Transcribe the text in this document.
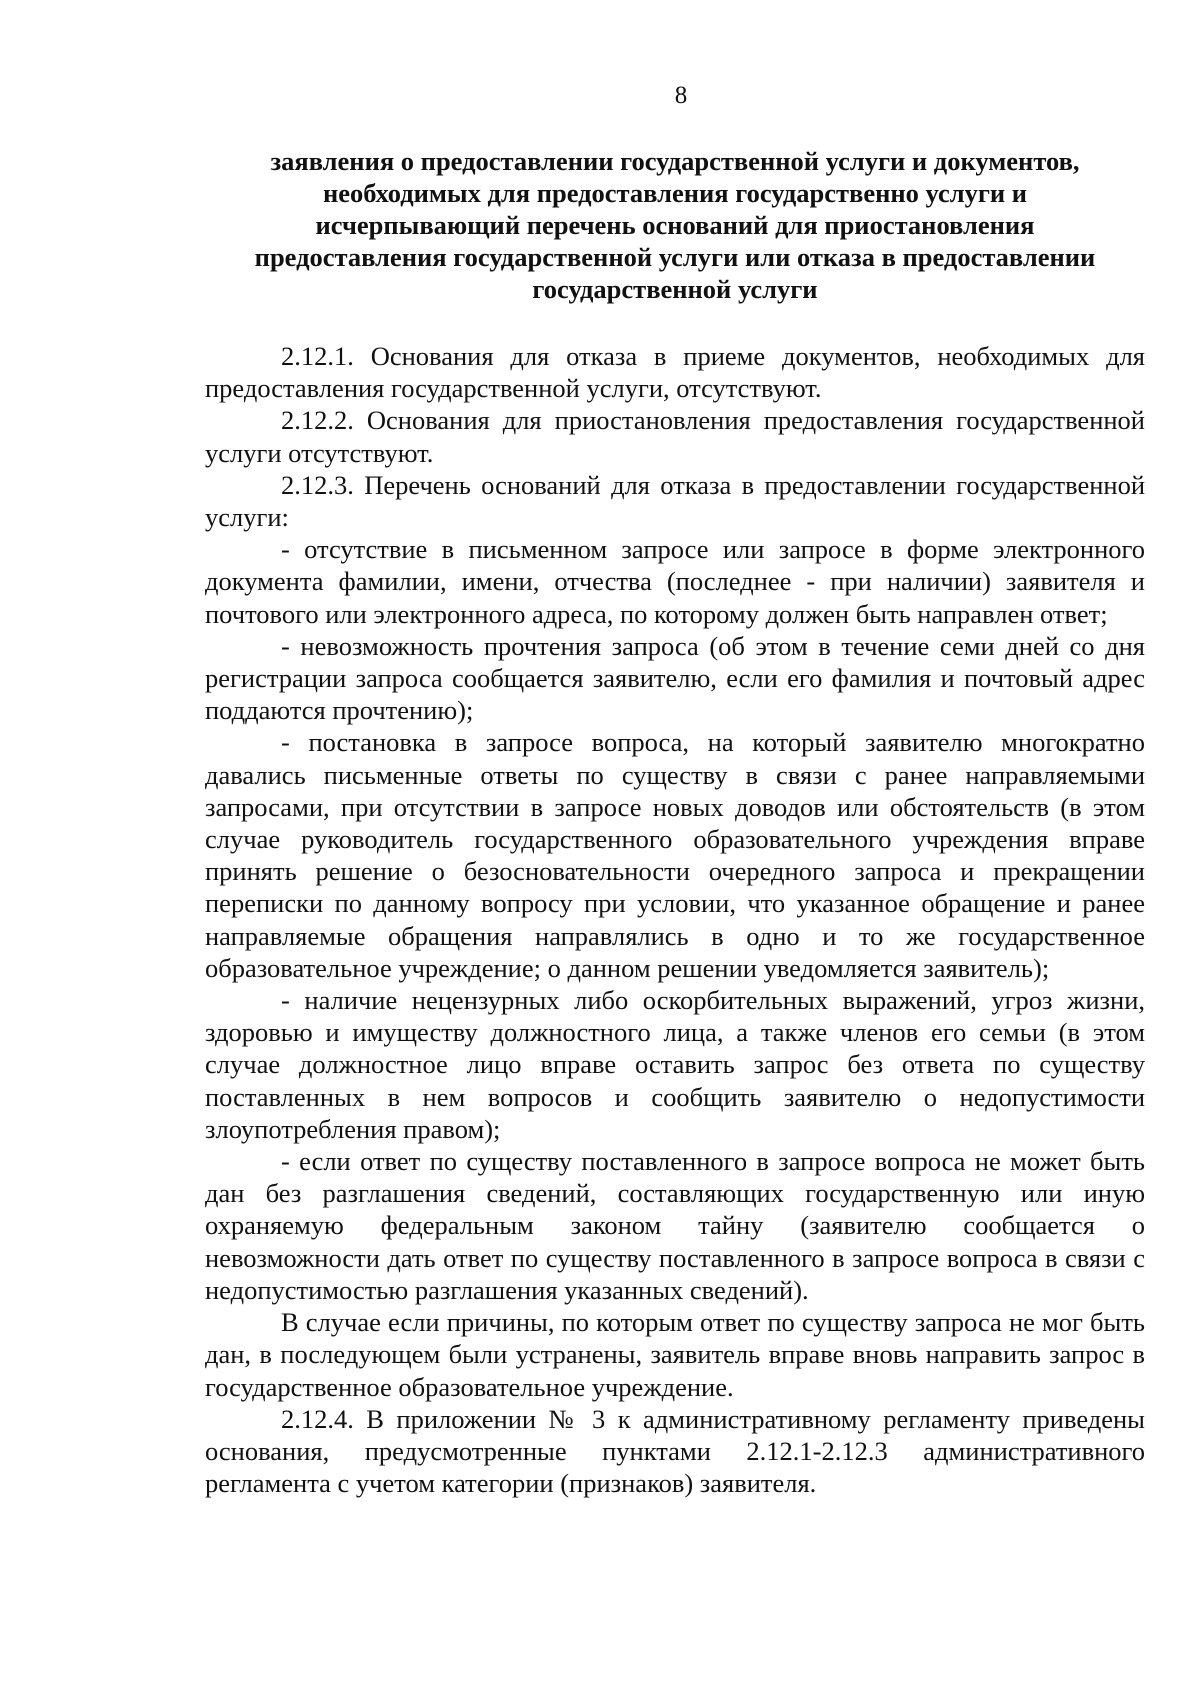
8
заявления о предоставлении государственной услуги и документов,
необходимых для предоставления государственно услуги и
исчерпывающий перечень оснований для приостановления
предоставления государственной услуги или отказа в предоставлении
государственной услуги

2.12.1. Основания для отказа в приеме документов, необходимых для предоставления государственной услуги, отсутствуют.

2.12.2. Основания для приостановления предоставления государственной услуги отсутствуют.

2.12.3. Перечень оснований для отказа в предоставлении государственной услуги:

- отсутствие в письменном запросе или запросе в форме электронного документа фамилии, имени, отчества (последнее - при наличии) заявителя и почтового или электронного адреса, по которому должен быть направлен ответ;

- невозможность прочтения запроса (об этом в течение семи дней со дня регистрации запроса сообщается заявителю, если его фамилия и почтовый адрес поддаются прочтению);

- постановка в запросе вопроса, на который заявителю многократно давались письменные ответы по существу в связи с ранее направляемыми запросами, при отсутствии в запросе новых доводов или обстоятельств (в этом случае руководитель государственного образовательного учреждения вправе принять решение о безосновательности очередного запроса и прекращении переписки по данному вопросу при условии, что указанное обращение и ранее направляемые обращения направлялись в одно и то же государственное образовательное учреждение; о данном решении уведомляется заявитель);

- наличие нецензурных либо оскорбительных выражений, угроз жизни, здоровью и имуществу должностного лица, а также членов его семьи (в этом случае должностное лицо вправе оставить запрос без ответа по существу поставленных в нем вопросов и сообщить заявителю о недопустимости злоупотребления правом);

- если ответ по существу поставленного в запросе вопроса не может быть дан без разглашения сведений, составляющих государственную или иную охраняемую федеральным законом тайну (заявителю сообщается о невозможности дать ответ по существу поставленного в запросе вопроса в связи с недопустимостью разглашения указанных сведений).

В случае если причины, по которым ответ по существу запроса не мог быть дан, в последующем были устранены, заявитель вправе вновь направить запрос в государственное образовательное учреждение.

2.12.4. В приложении № 3 к административному регламенту приведены основания, предусмотренные пунктами 2.12.1-2.12.3 административного регламента с учетом категории (признаков) заявителя.
